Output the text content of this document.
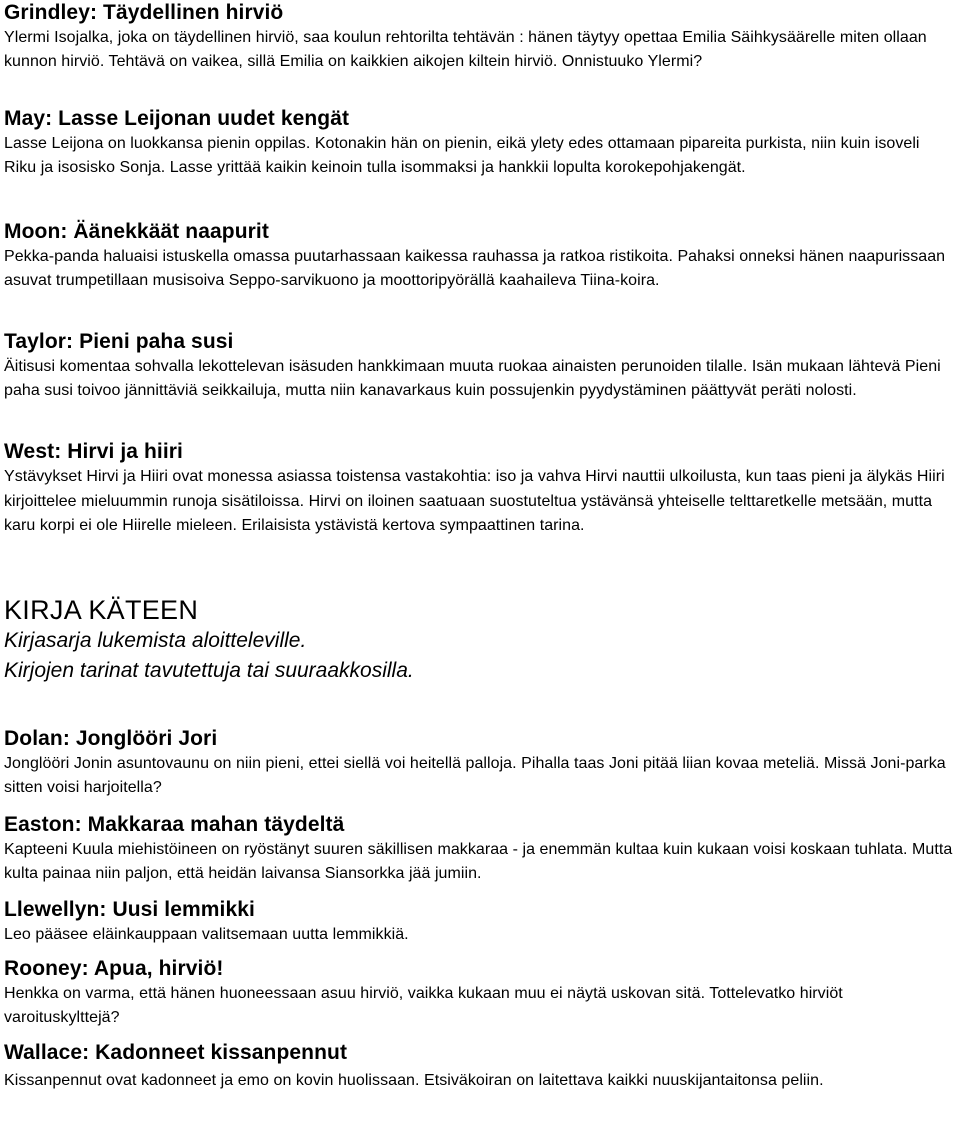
Grindley: Täydellinen hirviö

Ylermi Isojalka, joka on täydellinen hirviö, saa koulun rehtorilta tehtävän : hänen täytyy opettaa Emilia Säihkysäärelle miten ollaan kunnon hirviö. Tehtävä on vaikea, sillä Emilia on kaikkien aikojen kiltein hirviö. Onnistuuko Ylermi?

May: Lasse Leijonan uudet kengät

Lasse Leijona on luokkansa pienin oppilas. Kotonakin hän on pienin, eikä ylety edes ottamaan pipareita purkista, niin kuin isoveli Riku ja isosisko Sonja. Lasse yrittää kaikin keinoin tulla isommaksi ja hankkii lopulta korokepohjakengät.

Moon: Äänekkäät naapurit

Pekka-panda haluaisi istuskella omassa puutarhassaan kaikessa rauhassa ja ratkoa ristikoita. Pahaksi onneksi hänen naapurissaan asuvat trumpetillaan musisoiva Seppo-sarvikuono ja moottoripyörällä kaahaileva Tiina-koira.

Taylor: Pieni paha susi

Äitisusi komentaa sohvalla lekottelevan isäsuden hankkimaan muuta ruokaa ainaisten perunoiden tilalle. Isän mukaan lähtevä Pieni paha susi toivoo jännittäviä seikkailuja, mutta niin kanavarkaus kuin possujenkin pyydystäminen päättyvät peräti nolosti.

West: Hirvi ja hiiri

Ystävykset Hirvi ja Hiiri ovat monessa asiassa toistensa vastakohtia: iso ja vahva Hirvi nauttii ulkoilusta, kun taas pieni ja älykäs Hiiri kirjoittelee mieluummin runoja sisätiloissa. Hirvi on iloinen saatuaan suostuteltua ystävänsä yhteiselle telttaretkelle metsään, mutta karu korpi ei ole Hiirelle mieleen. Erilaisista ystävistä kertova sympaattinen tarina.

KIRJA KÄTEEN

Kirjasarja lukemista aloitteleville.

Kirjojen tarinat tavutettuja tai suuraakkosilla.

Dolan: Jonglööri Jori

Jonglööri Jonin asuntovaunu on niin pieni, ettei siellä voi heitellä palloja. Pihalla taas Joni pitää liian kovaa meteliä. Missä Joni-parka sitten voisi harjoitella?

Easton: Makkaraa mahan täydeltä

Kapteeni Kuula miehistöineen on ryöstänyt suuren säkillisen makkaraa - ja enemmän kultaa kuin kukaan voisi koskaan tuhlata. Mutta kulta painaa niin paljon, että heidän laivansa Siansorkka jää jumiin.

Llewellyn: Uusi lemmikki

Leo pääsee eläinkauppaan valitsemaan uutta lemmikkiä.

Rooney: Apua, hirviö!

Henkka on varma, että hänen huoneessaan asuu hirviö, vaikka kukaan muu ei näytä uskovan sitä. Tottelevatko hirviöt varoituskylttejä?

Wallace: Kadonneet kissanpennut

Kissanpennut ovat kadonneet ja emo on kovin huolissaan. Etsiväkoiran on laitettava kaikki nuuskijantaitonsa peliin.
